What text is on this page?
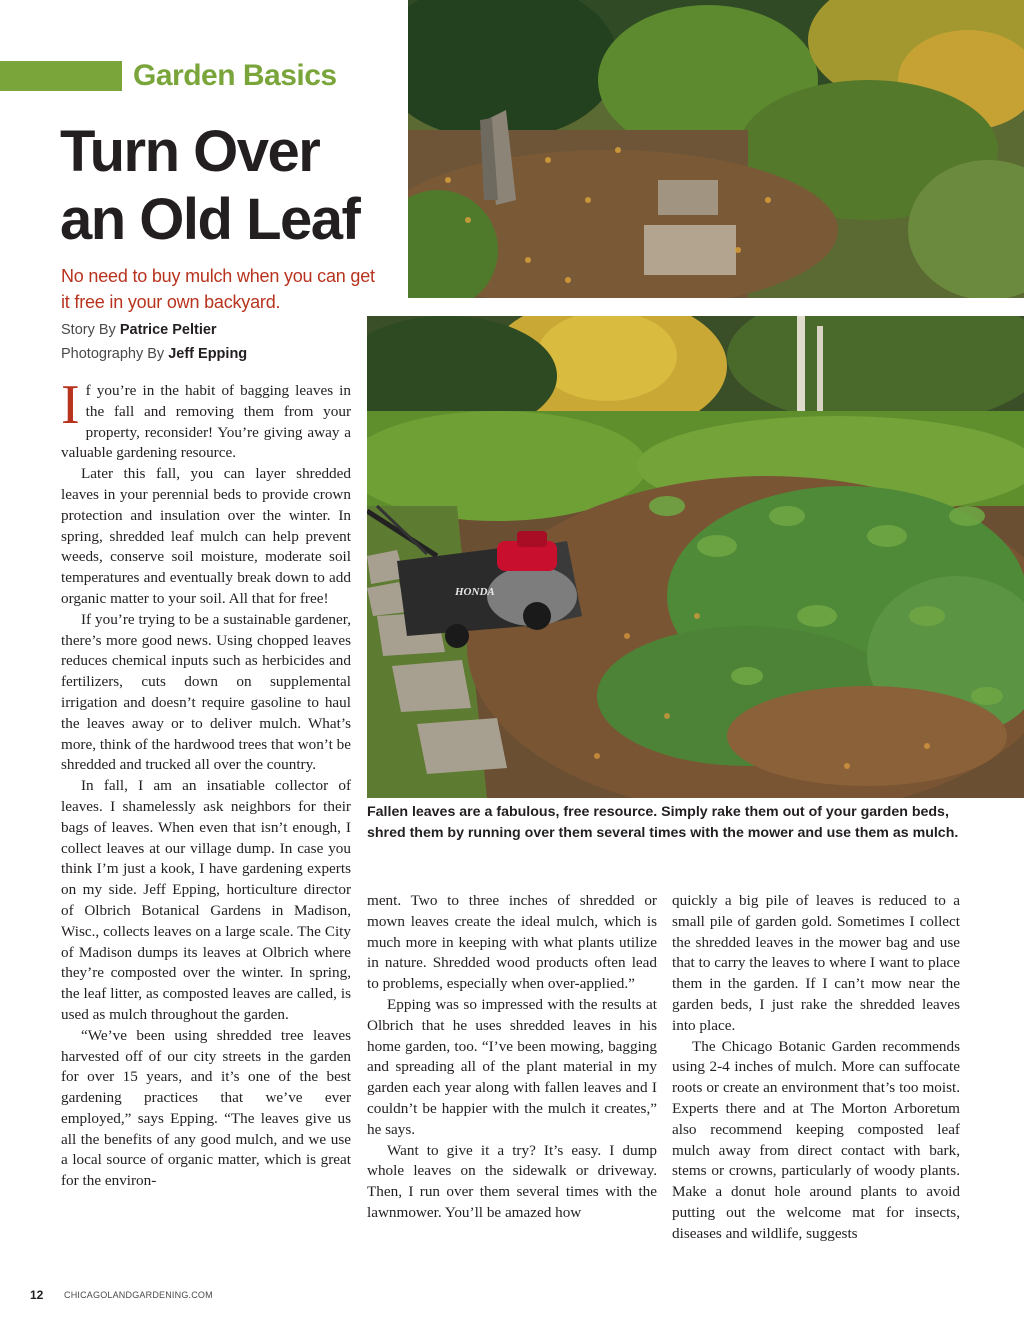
Garden Basics
Turn Over
an Old Leaf

No need to buy mulch when you can get it free in your own backyard.

Story By Patrice Peltier
Photography By Jeff Epping
HONDA

Fallen leaves are a fabulous, free resource. Simply rake them out of your garden beds, shred them by running over them several times with the mower and use them as mulch.

If you’re in the habit of bagging leaves in the fall and removing them from your property, reconsider! You’re giving away a valuable gardening resource.

Later this fall, you can layer shredded leaves in your perennial beds to provide crown protection and insulation over the winter. In spring, shredded leaf mulch can help prevent weeds, conserve soil moisture, moderate soil temperatures and eventually break down to add organic matter to your soil. All that for free!

If you’re trying to be a sustainable gardener, there’s more good news. Using chopped leaves reduces chemical inputs such as herbicides and fertilizers, cuts down on supplemental irrigation and doesn’t require gasoline to haul the leaves away or to deliver mulch. What’s more, think of the hardwood trees that won’t be shredded and trucked all over the country.

In fall, I am an insatiable collector of leaves. I shamelessly ask neighbors for their bags of leaves. When even that isn’t enough, I collect leaves at our village dump. In case you think I’m just a kook, I have gardening experts on my side. Jeff Epping, horticulture director of Olbrich Botanical Gardens in Madison, Wisc., collects leaves on a large scale. The City of Madison dumps its leaves at Olbrich where they’re composted over the winter. In spring, the leaf litter, as composted leaves are called, is used as mulch throughout the garden.

“We’ve been using shredded tree leaves harvested off of our city streets in the garden for over 15 years, and it’s one of the best gardening practices that we’ve ever employed,” says Epping. “The leaves give us all the benefits of any good mulch, and we use a local source of organic matter, which is great for the environ-

ment. Two to three inches of shredded or mown leaves create the ideal mulch, which is much more in keeping with what plants utilize in nature. Shredded wood products often lead to problems, especially when over-applied.”

Epping was so impressed with the results at Olbrich that he uses shredded leaves in his home garden, too. “I’ve been mowing, bagging and spreading all of the plant material in my garden each year along with fallen leaves and I couldn’t be happier with the mulch it creates,” he says.

Want to give it a try? It’s easy. I dump whole leaves on the sidewalk or driveway. Then, I run over them several times with the lawnmower. You’ll be amazed how

quickly a big pile of leaves is reduced to a small pile of garden gold. Sometimes I collect the shredded leaves in the mower bag and use that to carry the leaves to where I want to place them in the garden. If I can’t mow near the garden beds, I just rake the shredded leaves into place.

The Chicago Botanic Garden recommends using 2-4 inches of mulch. More can suffocate roots or create an environment that’s too moist. Experts there and at The Morton Arboretum also recommend keeping composted leaf mulch away from direct contact with bark, stems or crowns, particularly of woody plants. Make a donut hole around plants to avoid putting out the welcome mat for insects, diseases and wildlife, suggests

12 CHICAGOLANDGARDENING.COM
